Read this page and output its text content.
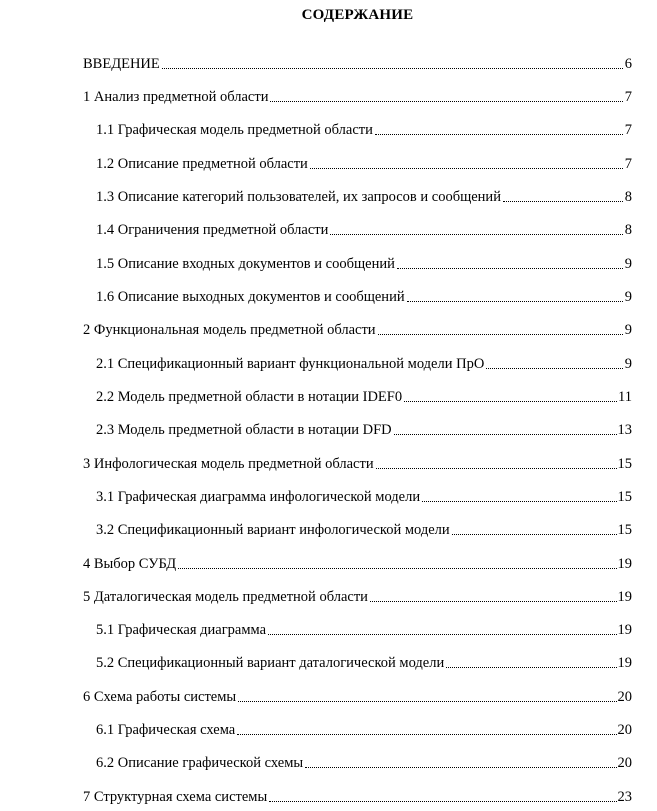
СОДЕРЖАНИЕ
ВВЕДЕНИЕ	6
1 Анализ предметной области	7
1.1 Графическая модель предметной области	7
1.2 Описание предметной области	7
1.3 Описание категорий пользователей, их запросов и сообщений	8
1.4 Ограничения предметной области	8
1.5 Описание входных документов и сообщений	9
1.6 Описание выходных документов и сообщений	9
2 Функциональная модель предметной области	9
2.1 Спецификационный вариант функциональной модели ПрО	9
2.2 Модель предметной области в нотации IDEF0	11
2.3 Модель предметной области в нотации DFD	13
3 Инфологическая модель предметной области	15
3.1 Графическая диаграмма инфологической модели	15
3.2 Спецификационный вариант инфологической модели	15
4 Выбор СУБД	19
5 Даталогическая модель предметной области	19
5.1 Графическая диаграмма	19
5.2 Спецификационный вариант даталогической модели	19
6 Схема работы системы	20
6.1 Графическая схема	20
6.2 Описание графической схемы	20
7 Структурная схема системы	23
